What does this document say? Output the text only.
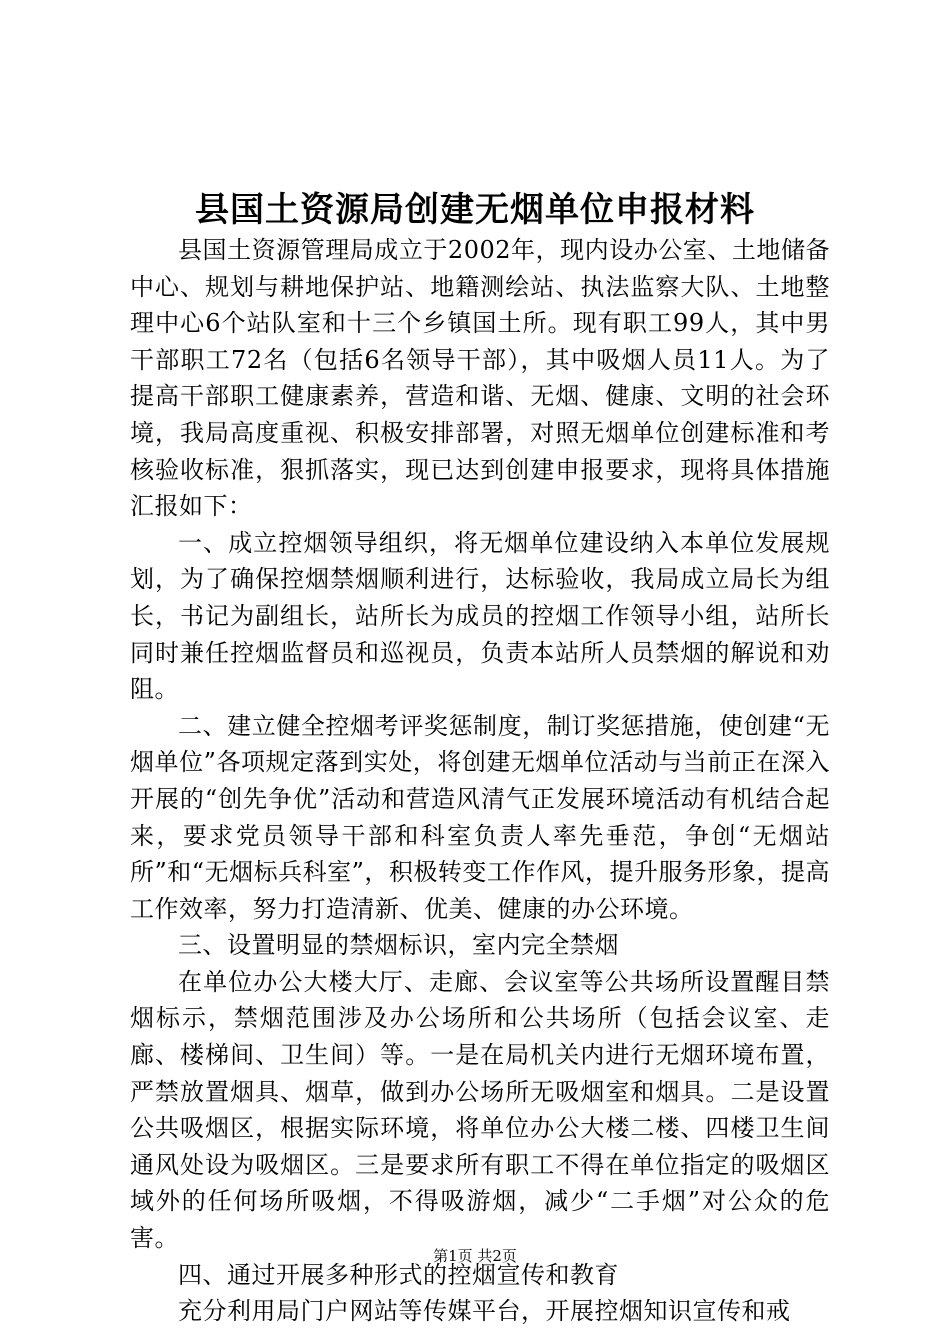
县国土资源局创建无烟单位申报材料

县国土资源管理局成立于2002年，现内设办公室、土地储备中心、规划与耕地保护站、地籍测绘站、执法监察大队、土地整理中心6个站队室和十三个乡镇国土所。现有职工99人，其中男干部职工72名（包括6名领导干部），其中吸烟人员11人。为了提高干部职工健康素养，营造和谐、无烟、健康、文明的社会环境，我局高度重视、积极安排部署，对照无烟单位创建标准和考核验收标准，狠抓落实，现已达到创建申报要求，现将具体措施汇报如下：

一、成立控烟领导组织，将无烟单位建设纳入本单位发展规划，为了确保控烟禁烟顺利进行，达标验收，我局成立局长为组长，书记为副组长，站所长为成员的控烟工作领导小组，站所长同时兼任控烟监督员和巡视员，负责本站所人员禁烟的解说和劝阻。

二、建立健全控烟考评奖惩制度，制订奖惩措施，使创建“无烟单位”各项规定落到实处，将创建无烟单位活动与当前正在深入开展的“创先争优”活动和营造风清气正发展环境活动有机结合起来，要求党员领导干部和科室负责人率先垂范，争创“无烟站所”和“无烟标兵科室”，积极转变工作作风，提升服务形象，提高工作效率，努力打造清新、优美、健康的办公环境。

三、设置明显的禁烟标识，室内完全禁烟

在单位办公大楼大厅、走廊、会议室等公共场所设置醒目禁烟标示，禁烟范围涉及办公场所和公共场所（包括会议室、走廊、楼梯间、卫生间）等。一是在局机关内进行无烟环境布置，严禁放置烟具、烟草，做到办公场所无吸烟室和烟具。二是设置公共吸烟区，根据实际环境，将单位办公大楼二楼、四楼卫生间通风处设为吸烟区。三是要求所有职工不得在单位指定的吸烟区域外的任何场所吸烟，不得吸游烟，减少“二手烟”对公众的危害。

四、通过开展多种形式的控烟宣传和教育

充分利用局门户网站等传媒平台，开展控烟知识宣传和戒

第1页 共2页
